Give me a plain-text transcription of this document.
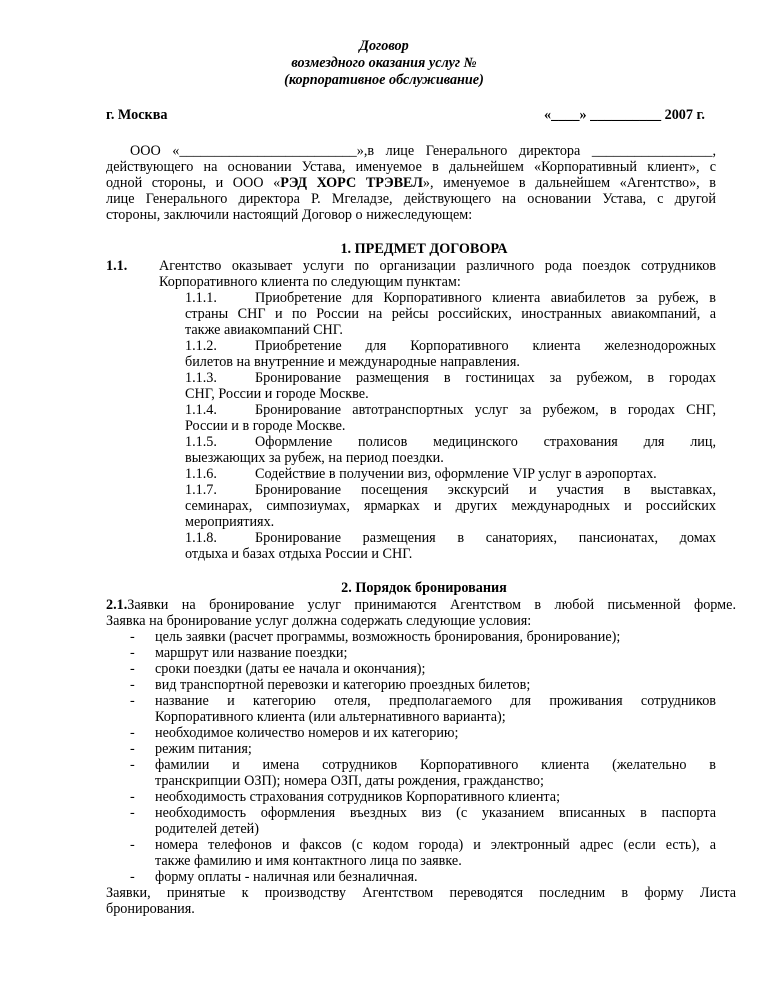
Договор
возмездного оказания услуг №
(корпоративное обслуживание)
г. Москва	«____» __________ 2007 г.
ООО «_________________________»,в лице Генерального директора _________________,
действующего на основании Устава, именуемое в дальнейшем «Корпоративный клиент», с
одной стороны, и ООО «РЭД ХОРС ТРЭВЕЛ», именуемое в дальнейшем «Агентство», в
лице Генерального директора Р. Мгеладзе, действующего на основании Устава, с другой
стороны, заключили настоящий Договор о нижеследующем:
1. ПРЕДМЕТ ДОГОВОРА
1.1. Агентство оказывает услуги по организации различного рода поездок сотрудников
Корпоративного клиента по следующим пунктам:
1.1.1.	Приобретение для Корпоративного клиента авиабилетов за рубеж, в
страны СНГ и по России на рейсы российских, иностранных авиакомпаний, а
также авиакомпаний СНГ.
1.1.2.	Приобретение для Корпоративного клиента железнодорожных
билетов на внутренние и международные направления.
1.1.3.	Бронирование размещения в гостиницах за рубежом, в городах
СНГ, России и городе Москве.
1.1.4.	Бронирование автотранспортных услуг за рубежом, в городах СНГ,
России и в городе Москве.
1.1.5.	Оформление полисов медицинского страхования для лиц,
выезжающих за рубеж, на период поездки.
1.1.6.	Содействие в получении виз, оформление VIP услуг в аэропортах.
1.1.7.	Бронирование посещения экскурсий и участия в выставках,
семинарах, симпозиумах, ярмарках и других международных и российских
мероприятиях.
1.1.8.	Бронирование размещения в санаториях, пансионатах, домах
отдыха и базах отдыха России и СНГ.
2. Порядок бронирования
2.1.Заявки на бронирование услуг принимаются Агентством в любой письменной форме.
Заявка на бронирование услуг должна содержать следующие условия:
- цель заявки (расчет программы, возможность бронирования, бронирование);
- маршрут или название поездки;
- сроки поездки (даты ее начала и окончания);
- вид транспортной перевозки и категорию проездных билетов;
- название и категорию отеля, предполагаемого для проживания сотрудников
Корпоративного клиента (или альтернативного варианта);
- необходимое количество номеров и их категорию;
- режим питания;
- фамилии и имена сотрудников Корпоративного клиента (желательно в
транскрипции ОЗП); номера ОЗП, даты рождения, гражданство;
- необходимость страхования сотрудников Корпоративного клиента;
- необходимость оформления въездных виз (с указанием вписанных в паспорта
родителей детей)
- номера телефонов и факсов (с кодом города) и электронный адрес (если есть), а
также фамилию и имя контактного лица по заявке.
- форму оплаты - наличная или безналичная.
Заявки, принятые к производству Агентством переводятся последним в форму Листа
бронирования.
